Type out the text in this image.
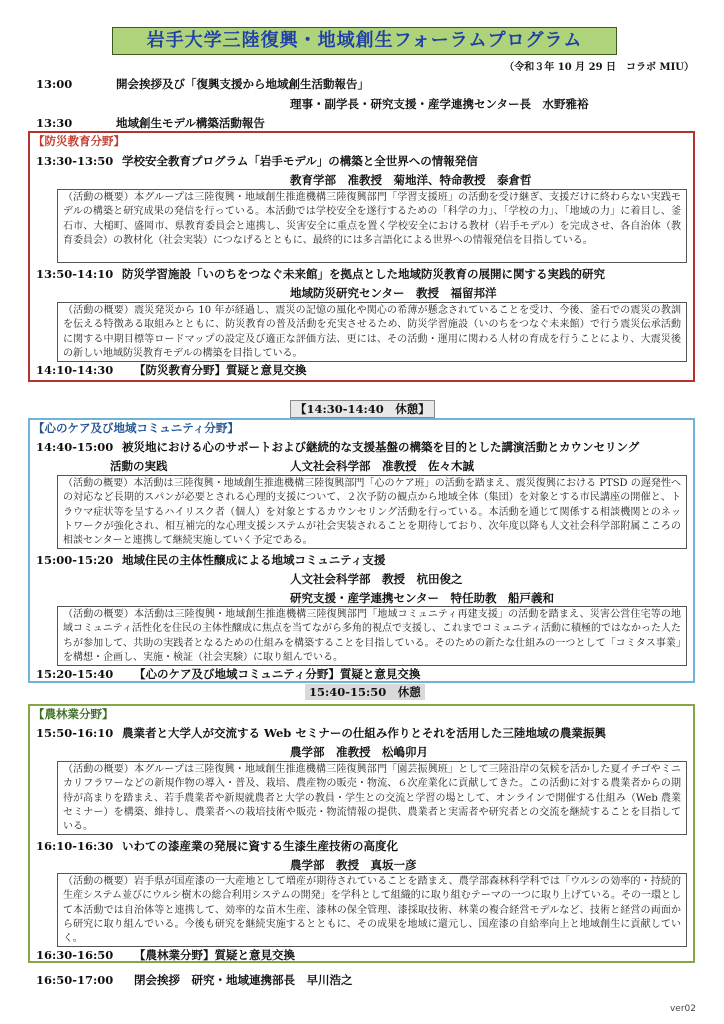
岩手大学三陸復興・地域創生フォーラムプログラム
（令和３年 10 月 29 日　コラボ MIU）
13:00	開会挨拶及び「復興支援から地域創生活動報告」
理事・副学長・研究支援・産学連携センター長　水野雅裕
13:30	地域創生モデル構築活動報告
【防災教育分野】
13:30-13:50 学校安全教育プログラム「岩手モデル」の構築と全世界への情報発信
教育学部　准教授　菊地洋、特命教授　泰倉哲
（活動の概要）本グループは三陸復興・地域創生推進機構三陸復興部門「学習支援班」の活動を受け継ぎ、支援だけに終わらない実践モデルの構築と研究成果の発信を行っている。本活動では学校安全を遂行するための「科学の力」、「学校の力」、「地域の力」に着目し、釜石市、大槌町、盛岡市、県教育委員会と連携し、災害安全に重点を置く学校安全における教材（岩手モデル）を完成させ、各自治体（教育委員会）の教材化（社会実装）につなげるとともに、最終的には多言語化による世界への情報発信を目指している。
13:50-14:10 防災学習施設「いのちをつなぐ未来館」を拠点とした地域防災教育の展開に関する実践的研究
地域防災研究センター　教授　福留邦洋
（活動の概要）震災発災から 10 年が経過し、震災の記憶の風化や関心の希薄が懸念されていることを受け、今後、釜石での震災の教訓を伝える特徴ある取組みとともに、防災教育の普及活動を充実させるため、防災学習施設（いのちをつなぐ未来館）で行う震災伝承活動に関する中期目標等ロードマップの設定及び適正な評価方法、更には、その活動・運用に関わる人材の育成を行うことにより、大震災後の新しい地域防災教育モデルの構築を目指している。
14:10-14:30 【防災教育分野】質疑と意見交換
【14:30-14:40　休憩】
【心のケア及び地域コミュニティ分野】
14:40-15:00 被災地における心のサポートおよび継続的な支援基盤の構築を目的とした講演活動とカウンセリング
活動の実践	人文社会科学部　准教授　佐々木誠
（活動の概要）本活動は三陸復興・地域創生推進機構三陸復興部門「心のケア班」の活動を踏まえ、震災復興における PTSD の遅発性への対応など長期的スパンが必要とされる心理的支援について、２次予防の観点から地域全体（集団）を対象とする市民講座の開催と、トラウマ症状等を呈するハイリスク者（個人）を対象とするカウンセリング活動を行っている。本活動を通じて関係する相談機関とのネットワークが強化され、相互補完的な心理支援システムが社会実装されることを期待しており、次年度以降も人文社会科学部附属こころの相談センターと連携して継続実施していく予定である。
15:00-15:20 地域住民の主体性醸成による地域コミュニティ支援
人文社会科学部　教授　杭田俊之
研究支援・産学連携センター　特任助教　船戸義和
（活動の概要）本活動は三陸復興・地域創生推進機構三陸復興部門「地域コミュニティ再建支援」の活動を踏まえ、災害公営住宅等の地域コミュニティ活性化を住民の主体性醸成に焦点を当てながら多角的視点で支援し、これまでコミュニティ活動に積極的ではなかった人たちが参加して、共助の実践者となるための仕組みを構築することを目指している。そのための新たな仕組みの一つとして「コミタス事業」を構想・企画し、実施・検証（社会実験）に取り組んでいる。
15:20-15:40 【心のケア及び地域コミュニティ分野】質疑と意見交換
15:40-15:50　休憩
【農林業分野】
15:50-16:10 農業者と大学人が交流する Web セミナーの仕組み作りとそれを活用した三陸地域の農業振興
農学部　准教授　松嶋卯月
（活動の概要）本グループは三陸復興・地域創生推進機構三陸復興部門「園芸振興班」として三陸沿岸の気候を活かした夏イチゴやミニカリフラワーなどの新規作物の導入・普及、栽培、農産物の販売・物流、６次産業化に貢献してきた。この活動に対する農業者からの期待が高まりを踏まえ、若手農業者や新規就農者と大学の教員・学生との交流と学習の場として、オンラインで開催する仕組み（Web 農業セミナー）を構築、維持し、農業者への栽培技術や販売・物流情報の提供、農業者と実需者や研究者との交流を継続することを目指している。
16:10-16:30 いわての漆産業の発展に資する生漆生産技術の高度化
農学部　教授　真坂一彦
（活動の概要）岩手県が国産漆の一大産地として増産が期待されていることを踏まえ、農学部森林科学科では「ウルシの効率的・持続的生産システム並びにウルシ樹木の総合利用システムの開発」を学科として組織的に取り組むテーマの一つに取り上げている。その一環として本活動では自治体等と連携して、効率的な苗木生産、漆林の保全管理、漆採取技術、林業の複合経営モデルなど、技術と経営の両面から研究に取り組んでいる。今後も研究を継続実施するとともに、その成果を地域に還元し、国産漆の自給率向上と地域創生に貢献していく。
16:30-16:50 【農林業分野】質疑と意見交換
16:50-17:00 閉会挨拶　研究・地域連携部長　早川浩之
ver02
